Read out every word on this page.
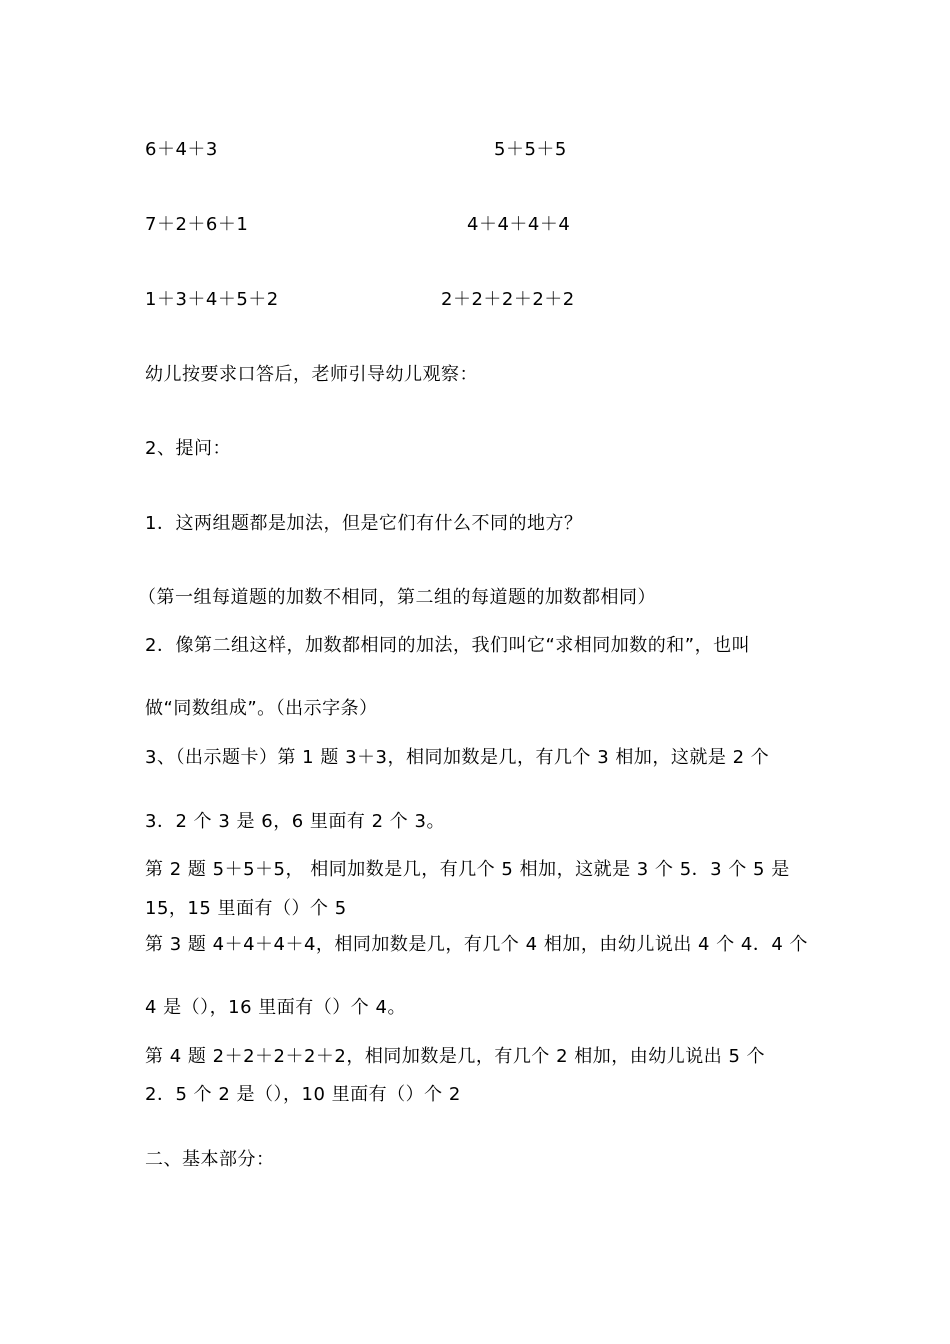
6＋4＋3	5＋5＋5
7＋2＋6＋1	4＋4＋4＋4
1＋3＋4＋5＋2	2＋2＋2＋2＋2
幼儿按要求口答后，老师引导幼儿观察：
2、提问：
1．这两组题都是加法，但是它们有什么不同的地方？
（第一组每道题的加数不相同，第二组的每道题的加数都相同）
2．像第二组这样，加数都相同的加法，我们叫它“求相同加数的和”，也叫
做“同数组成”。（出示字条）
3、（出示题卡）第 1 题 3＋3，相同加数是几，有几个 3 相加，这就是 2 个
3．2 个 3 是 6，6 里面有 2 个 3。
第 2 题 5＋5＋5， 相同加数是几，有几个 5 相加，这就是 3 个 5．3 个 5 是
15，15 里面有（）个 5
第 3 题 4＋4＋4＋4，相同加数是几，有几个 4 相加，由幼儿说出 4 个 4．4 个
4 是（），16 里面有（）个 4。
第 4 题 2＋2＋2＋2＋2，相同加数是几，有几个 2 相加，由幼儿说出 5 个
2．5 个 2 是（），10 里面有（）个 2
二、基本部分：
